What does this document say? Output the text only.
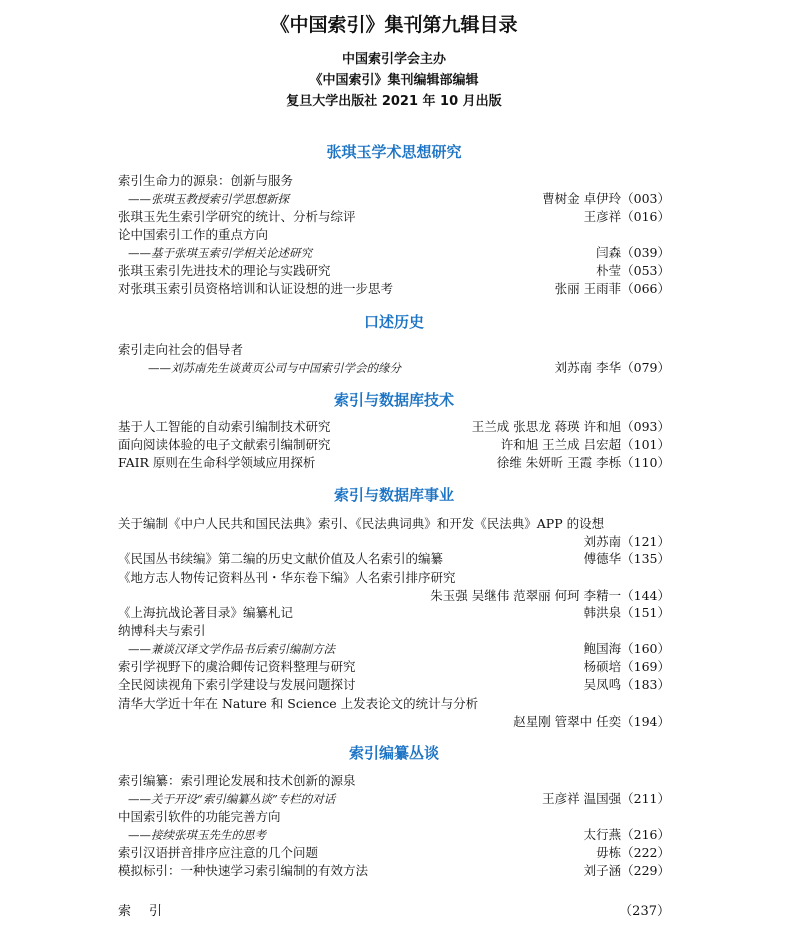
《中国索引》集刊第九辑目录
中国索引学会主办
《中国索引》集刊编辑部编辑
复旦大学出版社 2021 年 10 月出版
张琪玉学术思想研究
索引生命力的源泉：创新与服务
——张琪玉教授索引学思想新探	曹树金 卓伊玲（003）
张琪玉先生索引学研究的统计、分析与综评	王彦祥（016）
论中国索引工作的重点方向
——基于张琪玉索引学相关论述研究	闫森（039）
张琪玉索引先进技术的理论与实践研究	朴莹（053）
对张琪玉索引员资格培训和认证设想的进一步思考	张丽 王雨菲（066）
口述历史
索引走向社会的倡导者
——刘苏南先生谈黄页公司与中国索引学会的缘分	刘苏南 李华（079）
索引与数据库技术
基于人工智能的自动索引编制技术研究	王兰成 张思龙 蒋瑛 许和旭（093）
面向阅读体验的电子文献索引编制研究	许和旭 王兰成 吕宏超（101）
FAIR 原则在生命科学领域应用探析	徐维 朱妍昕 王霞 李栎（110）
索引与数据库事业
关于编制《中户人民共和国民法典》索引、《民法典词典》和开发《民法典》APP 的设想
刘苏南（121）
《民国丛书续编》第二编的历史文献价值及人名索引的编纂	傅德华（135）
《地方志人物传记资料丛刊・华东卷下编》人名索引排序研究
朱玉强 吴继伟 范翠丽 何珂 李精一（144）
《上海抗战论著目录》编纂札记	韩洪泉（151）
纳博科夫与索引
——兼谈汉译文学作品书后索引编制方法	鲍国海（160）
索引学视野下的虞洽卿传记资料整理与研究	杨硕培（169）
全民阅读视角下索引学建设与发展问题探讨	吴凤鸣（183）
清华大学近十年在 Nature 和 Science 上发表论文的统计与分析
赵星刚 管翠中 任奕（194）
索引编纂丛谈
索引编纂：索引理论发展和技术创新的源泉
——关于开设“索引编纂丛谈”专栏的对话	王彦祥 温国强（211）
中国索引软件的功能完善方向
——接续张琪玉先生的思考	太行燕（216）
索引汉语拼音排序应注意的几个问题	毋栋（222）
模拟标引：一种快速学习索引编制的有效方法	刘子涵（229）
索引	（237）
